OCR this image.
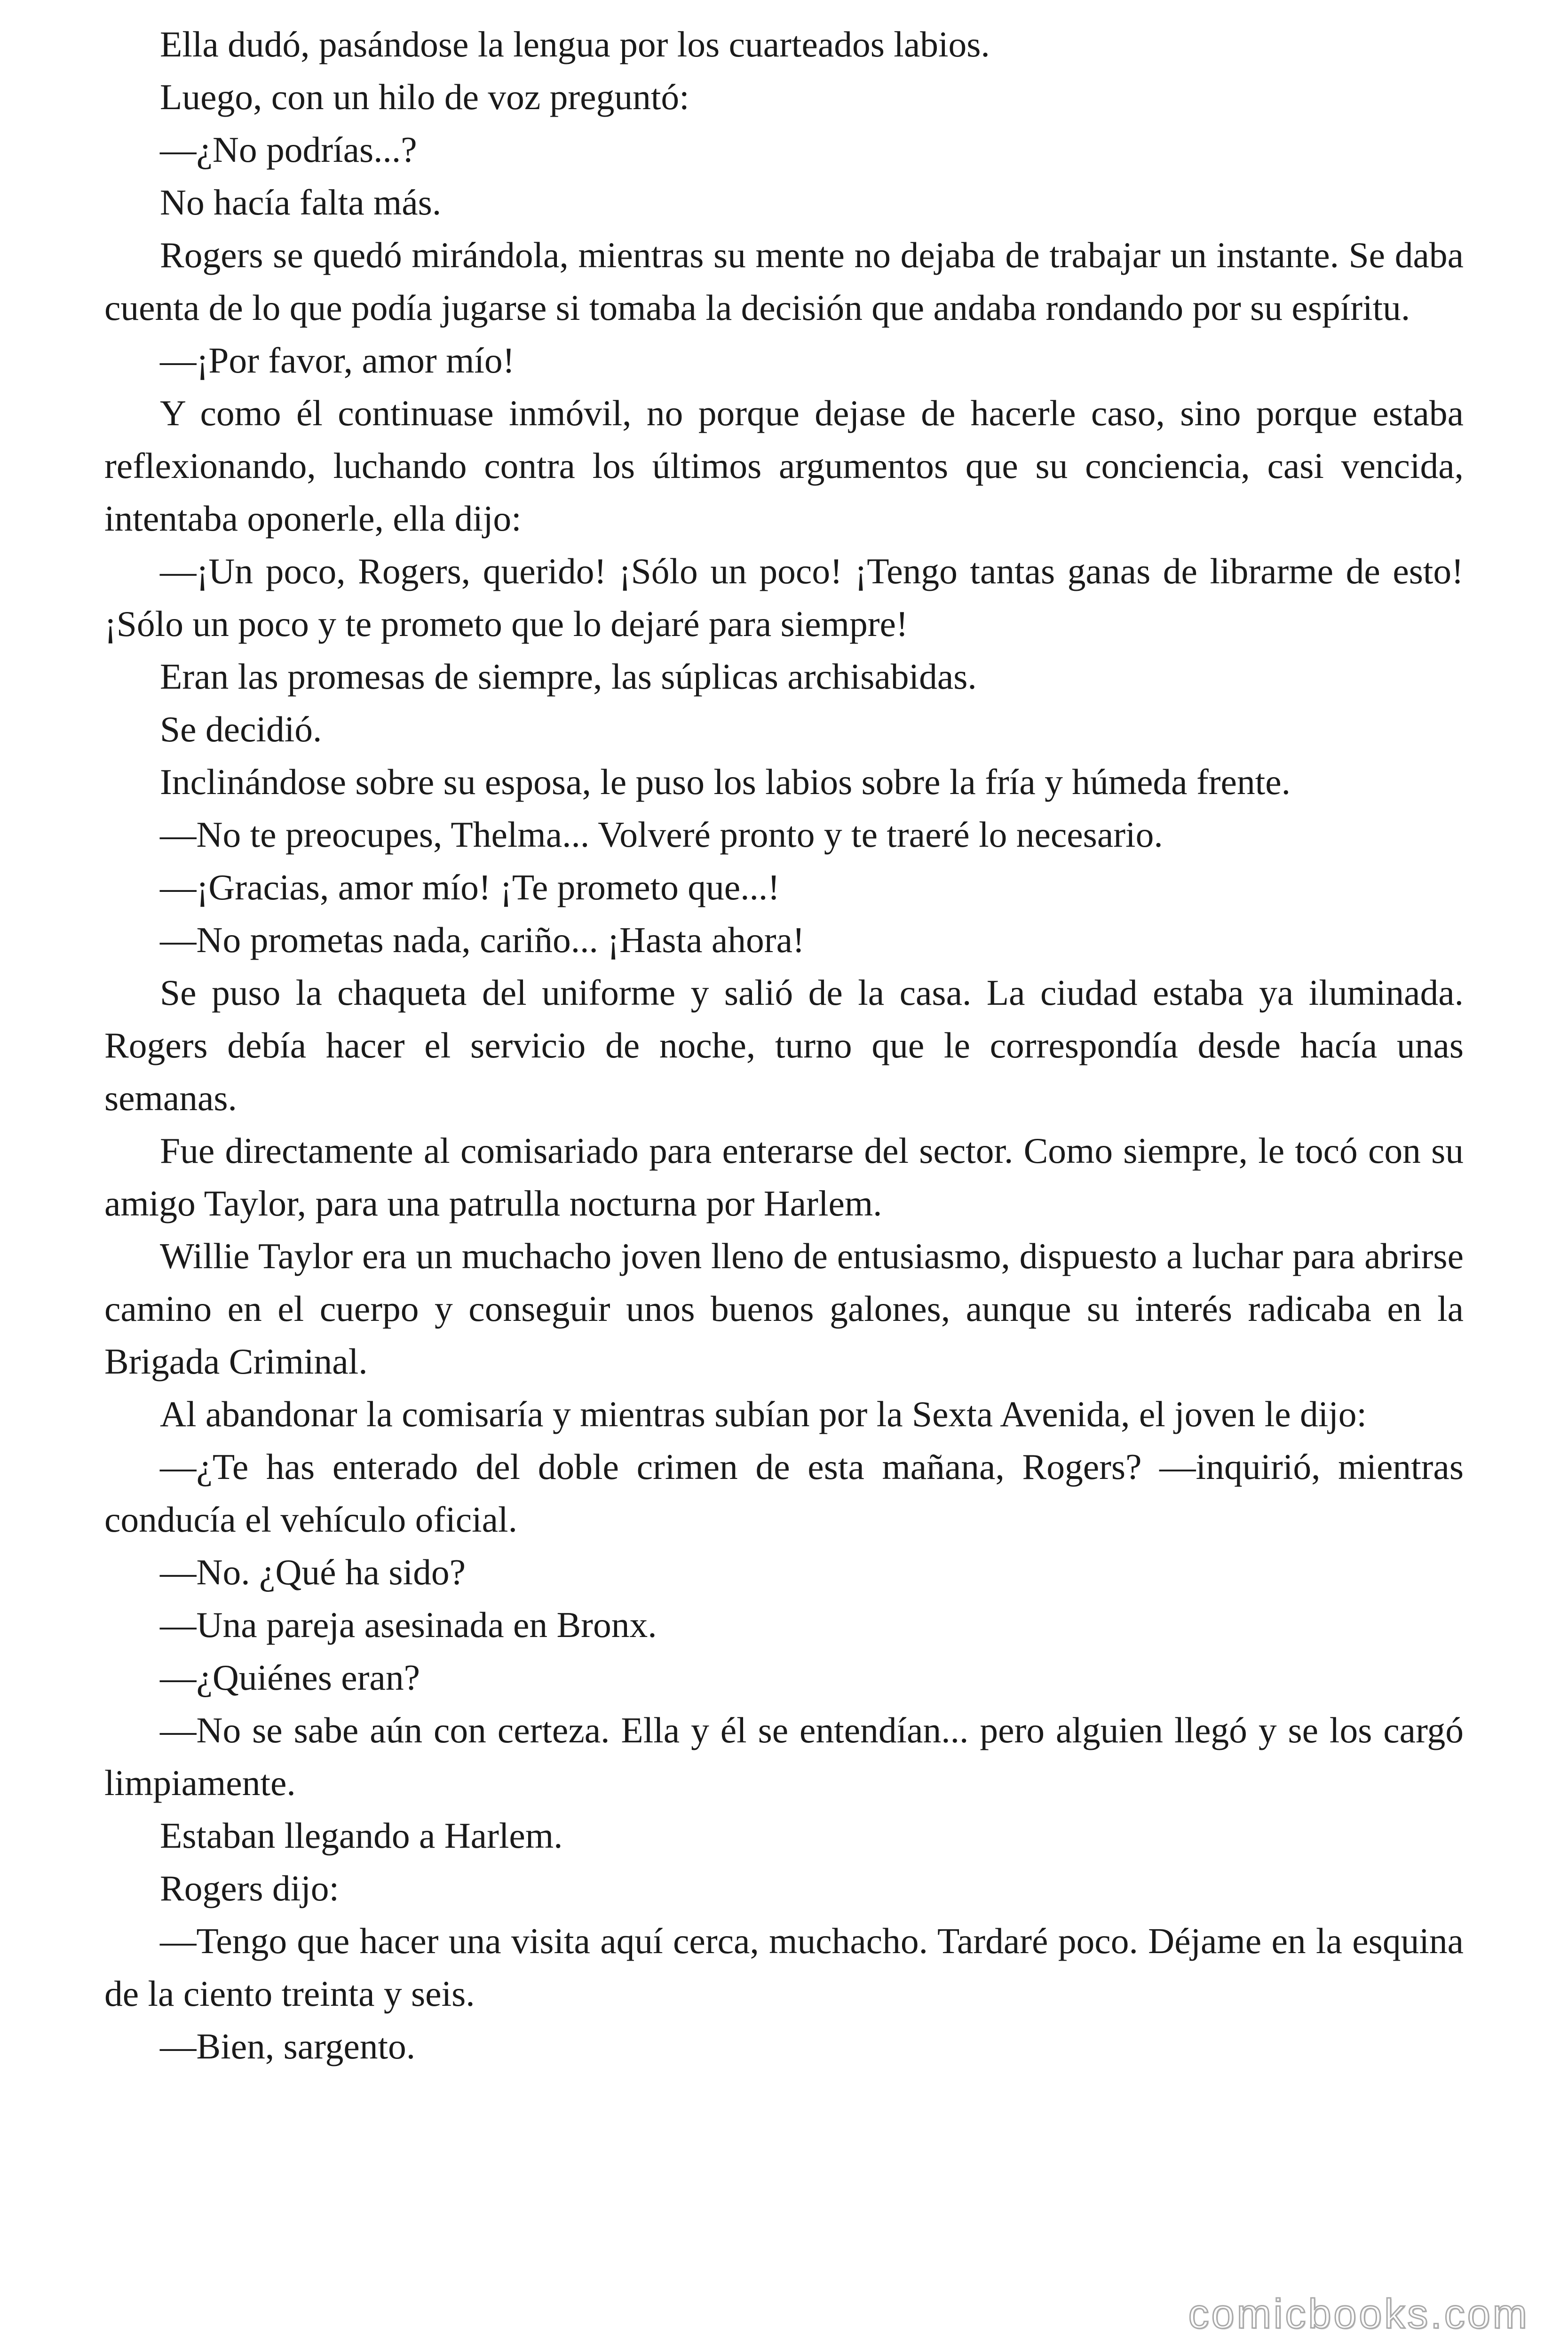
Ella dudó, pasándose la lengua por los cuarteados labios.

Luego, con un hilo de voz preguntó:

—¿No podrías...?

No hacía falta más.

Rogers se quedó mirándola, mientras su mente no dejaba de trabajar un instante. Se daba cuenta de lo que podía jugarse si tomaba la decisión que andaba rondando por su espíritu.

—¡Por favor, amor mío!

Y como él continuase inmóvil, no porque dejase de hacerle caso, sino porque estaba reflexionando, luchando contra los últimos argumentos que su conciencia, casi vencida, intentaba oponerle, ella dijo:

—¡Un poco, Rogers, querido! ¡Sólo un poco! ¡Tengo tantas ganas de librarme de esto! ¡Sólo un poco y te prometo que lo dejaré para siempre!

Eran las promesas de siempre, las súplicas archisabidas.

Se decidió.

Inclinándose sobre su esposa, le puso los labios sobre la fría y húmeda frente.

—No te preocupes, Thelma... Volveré pronto y te traeré lo necesario.

—¡Gracias, amor mío! ¡Te prometo que...!

—No prometas nada, cariño... ¡Hasta ahora!

Se puso la chaqueta del uniforme y salió de la casa. La ciudad estaba ya iluminada. Rogers debía hacer el servicio de noche, turno que le correspondía desde hacía unas semanas.

Fue directamente al comisariado para enterarse del sector. Como siempre, le tocó con su amigo Taylor, para una patrulla nocturna por Harlem.

Willie Taylor era un muchacho joven lleno de entusiasmo, dispuesto a luchar para abrirse camino en el cuerpo y conseguir unos buenos galones, aunque su interés radicaba en la Brigada Criminal.

Al abandonar la comisaría y mientras subían por la Sexta Avenida, el joven le dijo:

—¿Te has enterado del doble crimen de esta mañana, Rogers? —inquirió, mientras conducía el vehículo oficial.

—No. ¿Qué ha sido?

—Una pareja asesinada en Bronx.

—¿Quiénes eran?

—No se sabe aún con certeza. Ella y él se entendían... pero alguien llegó y se los cargó limpiamente.

Estaban llegando a Harlem.

Rogers dijo:

—Tengo que hacer una visita aquí cerca, muchacho. Tardaré poco. Déjame en la esquina de la ciento treinta y seis.

—Bien, sargento.

comicbooks.com
